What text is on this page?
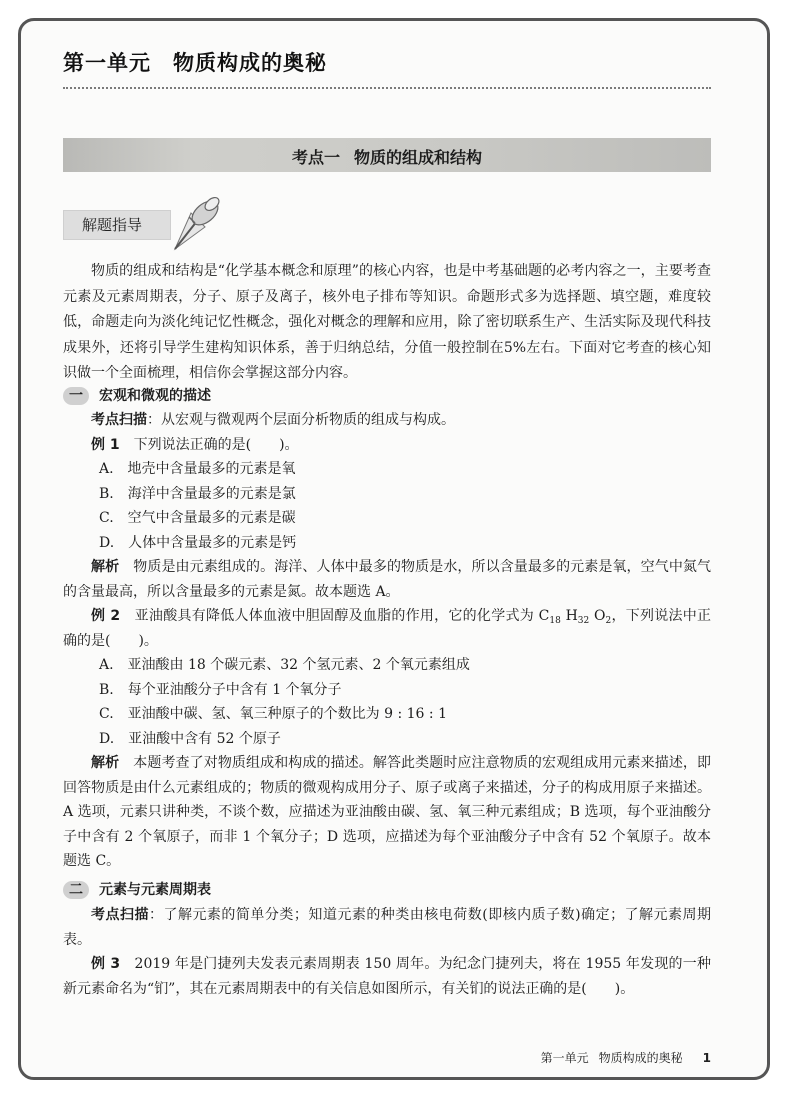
第一单元 物质构成的奥秘
考点一 物质的组成和结构
解题指导

物质的组成和结构是“化学基本概念和原理”的核心内容，也是中考基础题的必考内容之一，主要考查元素及元素周期表，分子、原子及离子，核外电子排布等知识。命题形式多为选择题、填空题，难度较低，命题走向为淡化纯记忆性概念，强化对概念的理解和应用，除了密切联系生产、生活实际及现代科技成果外，还将引导学生建构知识体系，善于归纳总结，分值一般控制在5%左右。下面对它考查的核心知识做一个全面梳理，相信你会掌握这部分内容。

一 宏观和微观的描述

考点扫描：从宏观与微观两个层面分析物质的组成与构成。

例 1　 下列说法正确的是(　　)。

A.　地壳中含量最多的元素是氧

B.　海洋中含量最多的元素是氯

C.　空气中含量最多的元素是碳

D.　人体中含量最多的元素是钙

解析　 物质是由元素组成的。海洋、人体中最多的物质是水，所以含量最多的元素是氧，空气中氮气的含量最高，所以含量最多的元素是氮。故本题选 A。

例 2　 亚油酸具有降低人体血液中胆固醇及血脂的作用，它的化学式为 $C_{18}$ $H_{32}$ $O_2$，下列说法中正确的是(　　)。

A.　亚油酸由 18 个碳元素、32 个氢元素、2 个氧元素组成

B.　每个亚油酸分子中含有 1 个氧分子

C.　亚油酸中碳、氢、氧三种原子的个数比为 9 : 16 : 1

D.　亚油酸中含有 52 个原子

解析　 本题考查了对物质组成和构成的描述。解答此类题时应注意物质的宏观组成用元素来描述，即回答物质是由什么元素组成的；物质的微观构成用分子、原子或离子来描述，分子的构成用原子来描述。A 选项，元素只讲种类，不谈个数，应描述为亚油酸由碳、氢、氧三种元素组成；B 选项，每个亚油酸分子中含有 2 个氧原子，而非 1 个氧分子；D 选项，应描述为每个亚油酸分子中含有 52 个氧原子。故本题选 C。

二 元素与元素周期表

考点扫描：了解元素的简单分类；知道元素的种类由核电荷数(即核内质子数)确定；了解元素周期表。

例 3　 2019 年是门捷列夫发表元素周期表 150 周年。为纪念门捷列夫，将在 1955 年发现的一种新元素命名为“钔”，其在元素周期表中的有关信息如图所示，有关钔的说法正确的是(　　)。

第一单元 物质构成的奥秘 1
